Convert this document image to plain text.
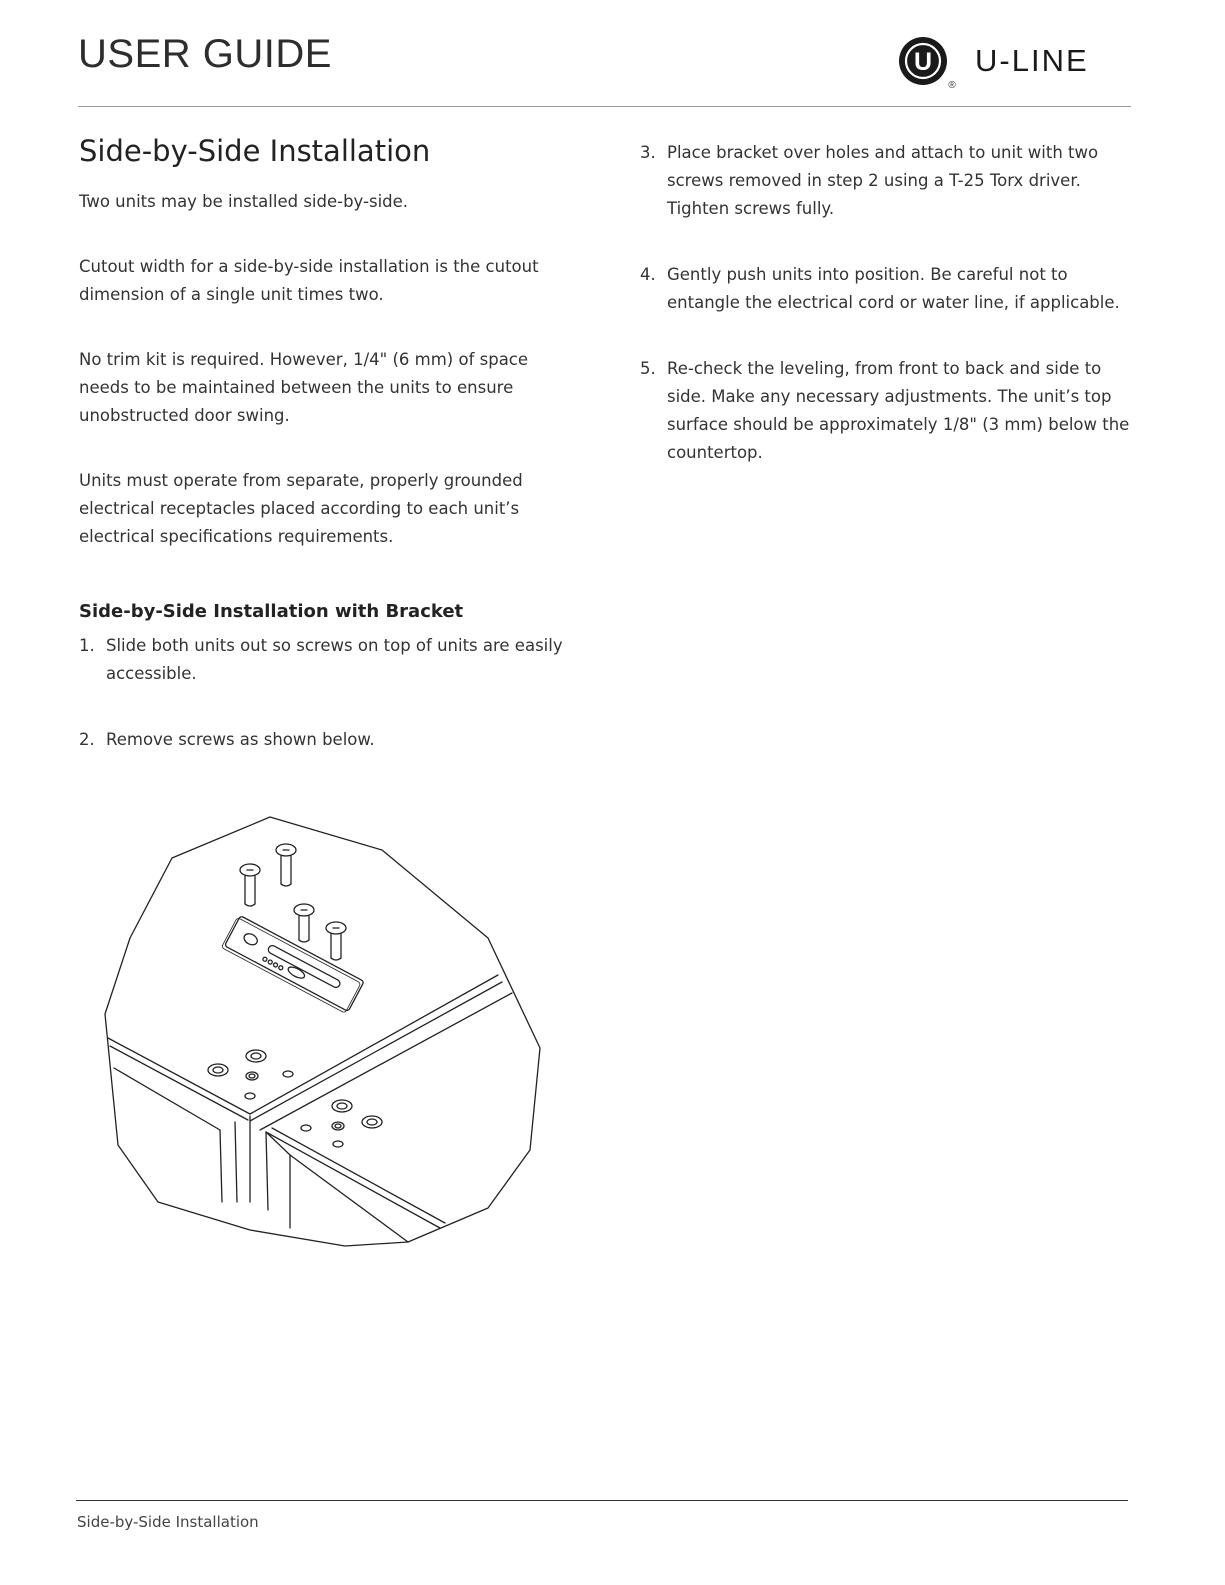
USER GUIDE	U
®
U-LINE
Side-by-Side Installation

Two units may be installed side-by-side.

Cutout width for a side-by-side installation is the cutout dimension of a single unit times two.

No trim kit is required. However, 1/4" (6 mm) of space needs to be maintained between the units to ensure unobstructed door swing.

Units must operate from separate, properly grounded electrical receptacles placed according to each unit’s electrical specifications requirements.

Side-by-Side Installation with Bracket
1. Slide both units out so screws on top of units are easily accessible.
2. Remove screws as shown below.
3. Place bracket over holes and attach to unit with two screws removed in step 2 using a T-25 Torx driver. Tighten screws fully.
4. Gently push units into position. Be careful not to entangle the electrical cord or water line, if applicable.
5. Re-check the leveling, from front to back and side to side. Make any necessary adjustments. The unit’s top surface should be approximately 1/8" (3 mm) below the countertop.
Side-by-Side Installation
